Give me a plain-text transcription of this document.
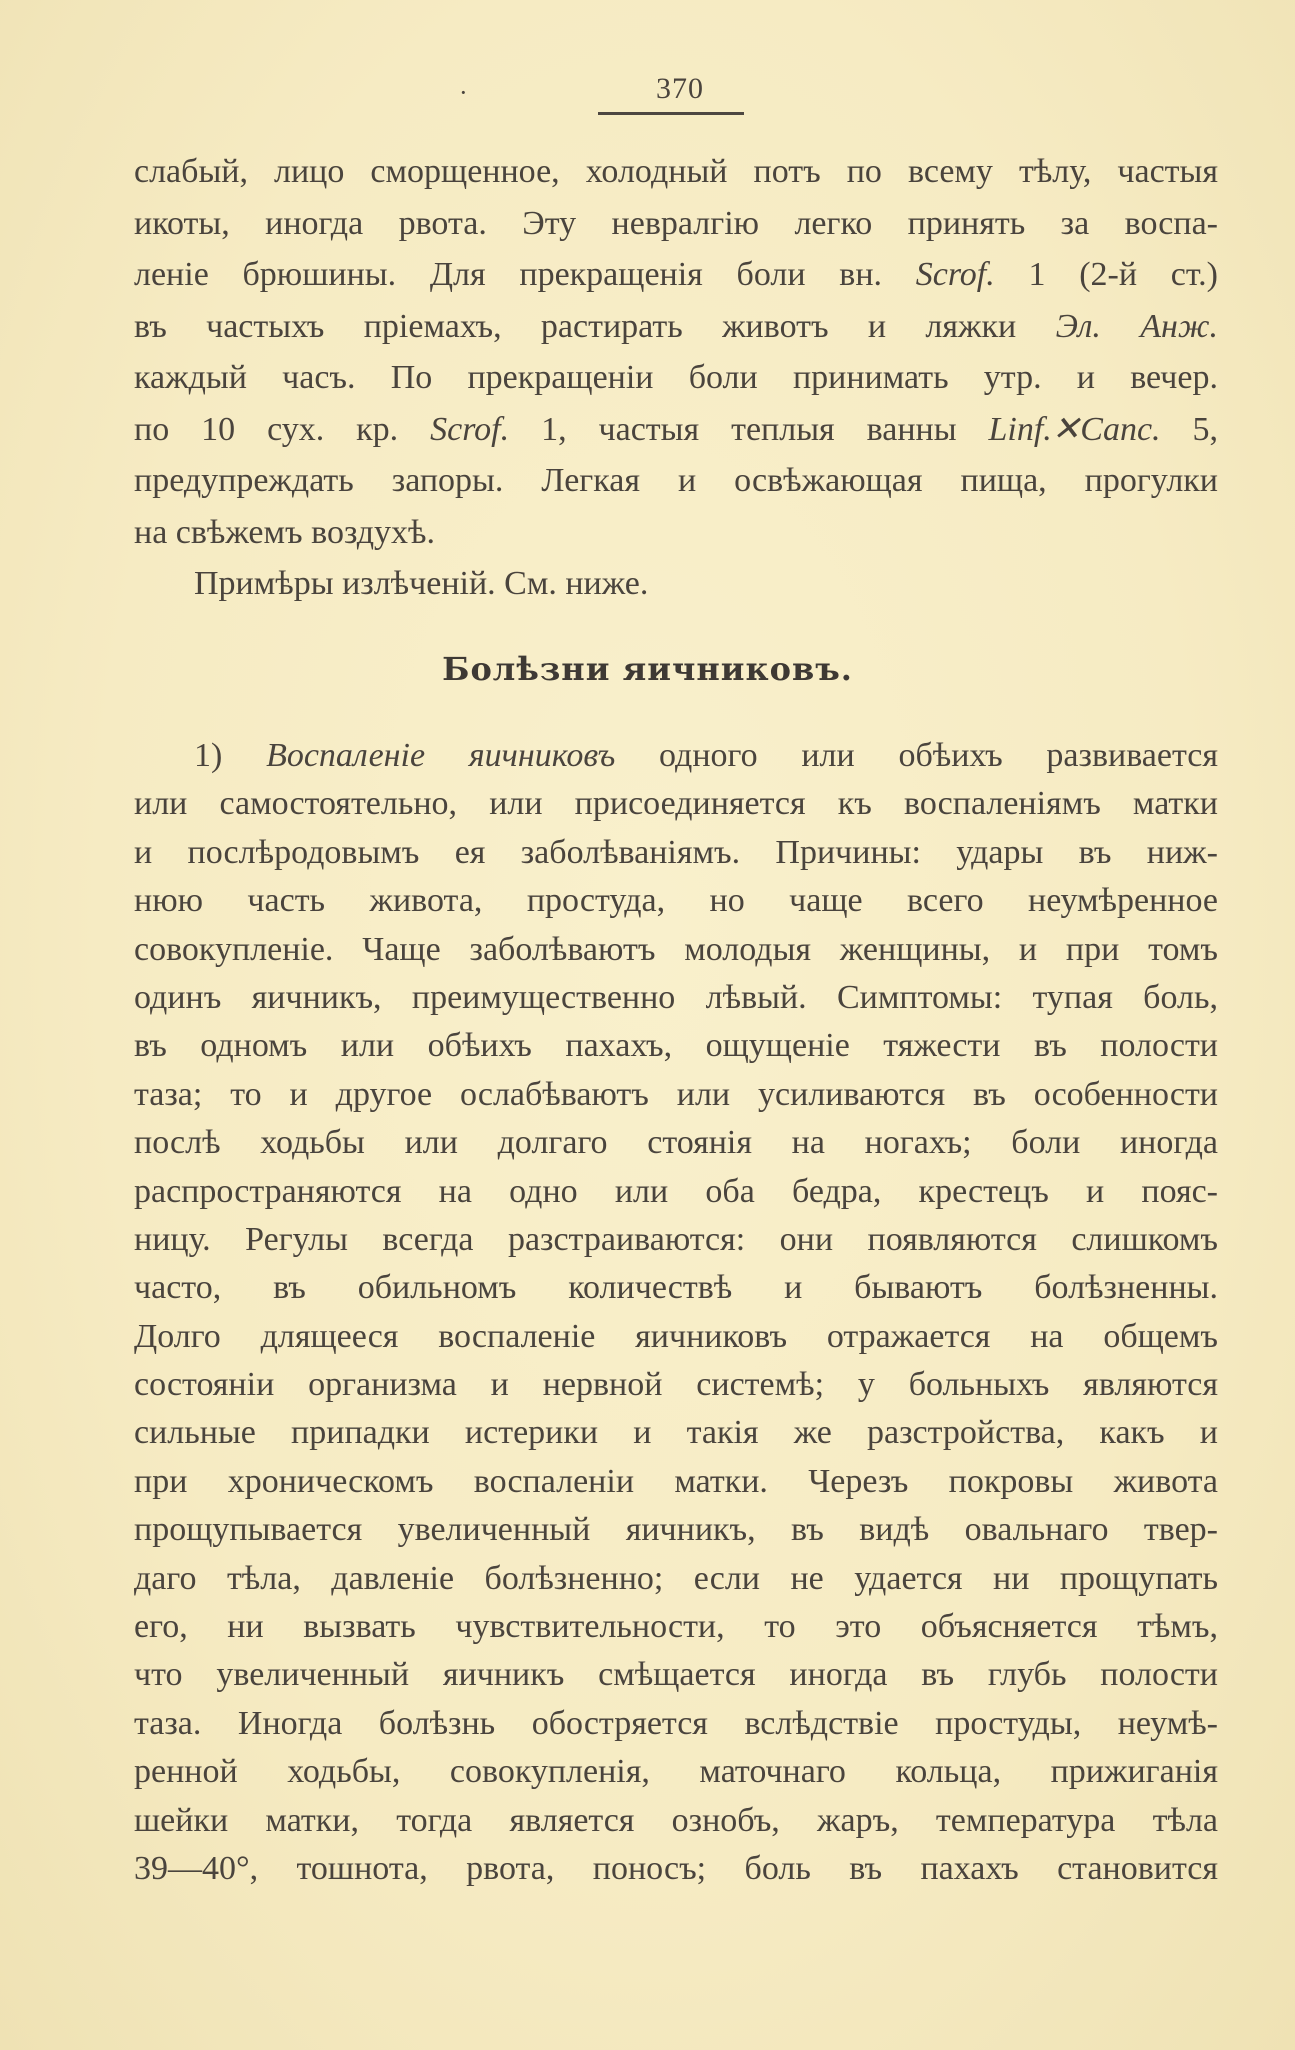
·	370
слабый, лицо сморщенное, холодный потъ по всему тѣлу, частыя
икоты, иногда рвота. Эту невралгію легко принять за воспа-
леніе брюшины. Для прекращенія боли вн. Scrof. 1 (2-й ст.)
въ частыхъ пріемахъ, растирать животъ и ляжки Эл. Анж.
каждый часъ. По прекращеніи боли принимать утр. и вечер.
по 10 сух. кр. Scrof. 1, частыя теплыя ванны Linf.✕Canc. 5,
предупреждать запоры. Легкая и освѣжающая пища, прогулки
на свѣжемъ воздухѣ.
Примѣры излѣченій. См. ниже.
Болѣзни яичниковъ.
1) Воспаленіе яичниковъ одного или обѣихъ развивается
или самостоятельно, или присоединяется къ воспаленіямъ матки
и послѣродовымъ ея заболѣваніямъ. Причины: удары въ ниж-
нюю часть живота, простуда, но чаще всего неумѣренное
совокупленіе. Чаще заболѣваютъ молодыя женщины, и при томъ
одинъ яичникъ, преимущественно лѣвый. Симптомы: тупая боль,
въ одномъ или обѣихъ пахахъ, ощущеніе тяжести въ полости
таза; то и другое ослабѣваютъ или усиливаются въ особенности
послѣ ходьбы или долгаго стоянія на ногахъ; боли иногда
распространяются на одно или оба бедра, крестецъ и пояс-
ницу. Регулы всегда разстраиваются: они появляются слишкомъ
часто, въ обильномъ количествѣ и бываютъ болѣзненны.
Долго длящееся воспаленіе яичниковъ отражается на общемъ
состояніи организма и нервной системѣ; у больныхъ являются
сильные припадки истерики и такія же разстройства, какъ и
при хроническомъ воспаленіи матки. Черезъ покровы живота
прощупывается увеличенный яичникъ, въ видѣ овальнаго твер-
даго тѣла, давленіе болѣзненно; если не удается ни прощупать
его, ни вызвать чувствительности, то это объясняется тѣмъ,
что увеличенный яичникъ смѣщается иногда въ глубь полости
таза. Иногда болѣзнь обостряется вслѣдствіе простуды, неумѣ-
ренной ходьбы, совокупленія, маточнаго кольца, прижиганія
шейки матки, тогда является ознобъ, жаръ, температура тѣла
39—40°, тошнота, рвота, поносъ; боль въ пахахъ становится
